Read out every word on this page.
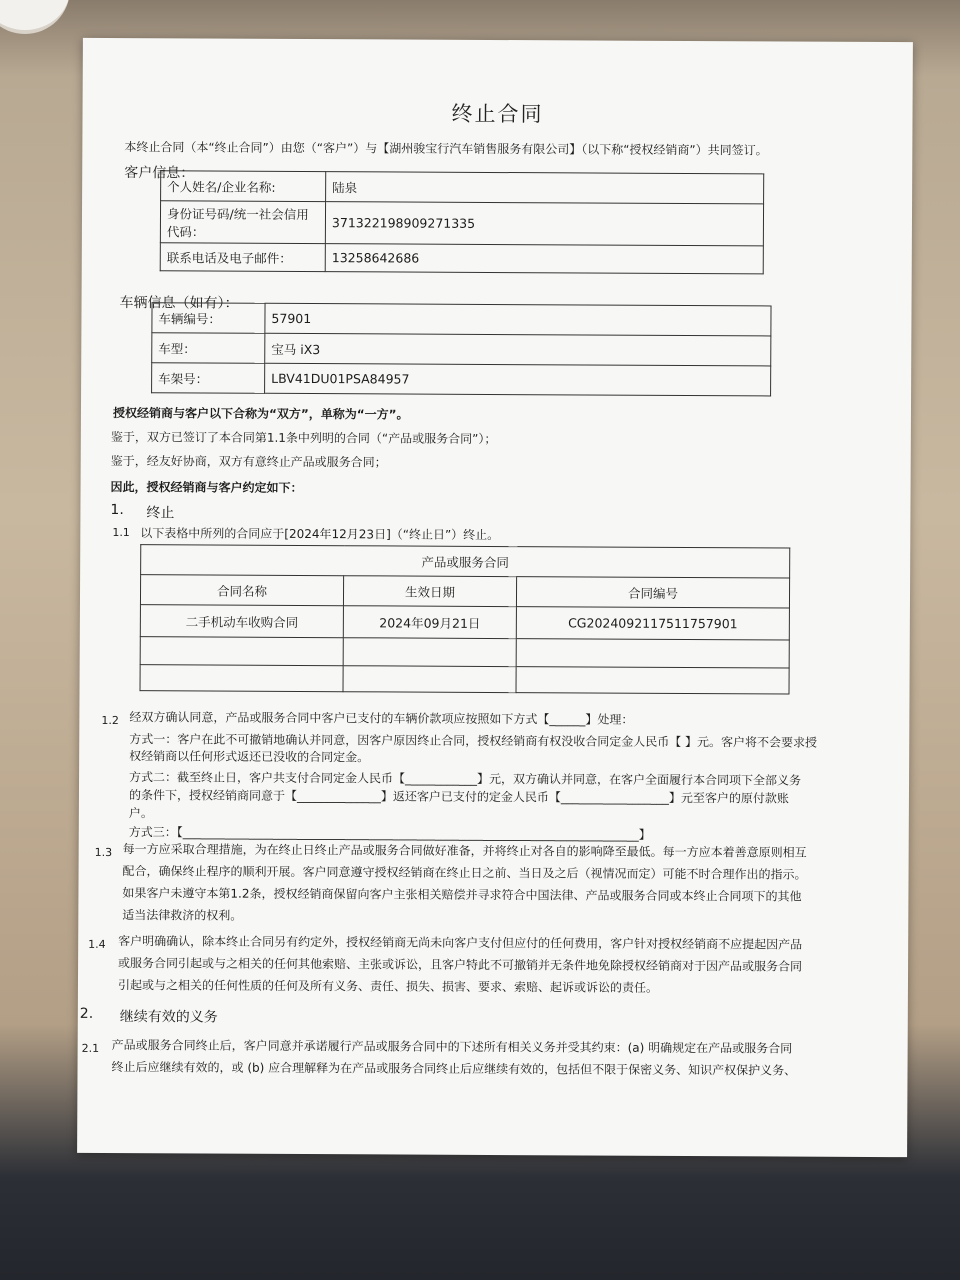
终止合同
本终止合同（本“终止合同”）由您（“客户”）与【湖州骏宝行汽车销售服务有限公司】（以下称“授权经销商”）共同签订。
客户信息：
个人姓名/企业名称:	陆泉
身份证号码/统一社会信用代码：	371322198909271335
联系电话及电子邮件：	13258642686
车辆信息（如有）：
车辆编号：	57901
车型：	宝马 iX3
车架号：	LBV41DU01PSA84957
授权经销商与客户以下合称为“双方”，单称为“一方”。
鉴于，双方已签订了本合同第1.1条中列明的合同（“产品或服务合同”）；
鉴于，经友好协商，双方有意终止产品或服务合同；
因此，授权经销商与客户约定如下：
1. 终止
1.1 以下表格中所列的合同应于[2024年12月23日]（“终止日”）终止。
产品或服务合同		
合同名称	生效日期	合同编号
二手机动车收购合同	2024年09月21日	CG2024092117511757901

1.2 经双方确认同意，产品或服务合同中客户已支付的车辆价款项应按照如下方式【______】处理：
方式一：客户在此不可撤销地确认并同意，因客户原因终止合同，授权经销商有权没收合同定金人民币【 】元。客户将不会要求授
权经销商以任何形式返还已没收的合同定金。
方式二：截至终止日，客户共支付合同定金人民币【____________】元，双方确认并同意，在客户全面履行本合同项下全部义务
的条件下，授权经销商同意于【______________】返还客户已支付的定金人民币【__________________】元至客户的原付款账
户。
方式三：【____________________________________________________________________________】
1.3 每一方应采取合理措施，为在终止日终止产品或服务合同做好准备，并将终止对各自的影响降至最低。每一方应本着善意原则相互
配合，确保终止程序的顺利开展。客户同意遵守授权经销商在终止日之前、当日及之后（视情况而定）可能不时合理作出的指示。
如果客户未遵守本第1.2条，授权经销商保留向客户主张相关赔偿并寻求符合中国法律、产品或服务合同或本终止合同项下的其他
适当法律救济的权利。
1.4 客户明确确认，除本终止合同另有约定外，授权经销商无尚未向客户支付但应付的任何费用，客户针对授权经销商不应提起因产品
或服务合同引起或与之相关的任何其他索赔、主张或诉讼，且客户特此不可撤销并无条件地免除授权经销商对于因产品或服务合同
引起或与之相关的任何性质的任何及所有义务、责任、损失、损害、要求、索赔、起诉或诉讼的责任。
2. 继续有效的义务
2.1 产品或服务合同终止后，客户同意并承诺履行产品或服务合同中的下述所有相关义务并受其约束：(a) 明确规定在产品或服务合同
终止后应继续有效的，或 (b) 应合理解释为在产品或服务合同终止后应继续有效的，包括但不限于保密义务、知识产权保护义务、
